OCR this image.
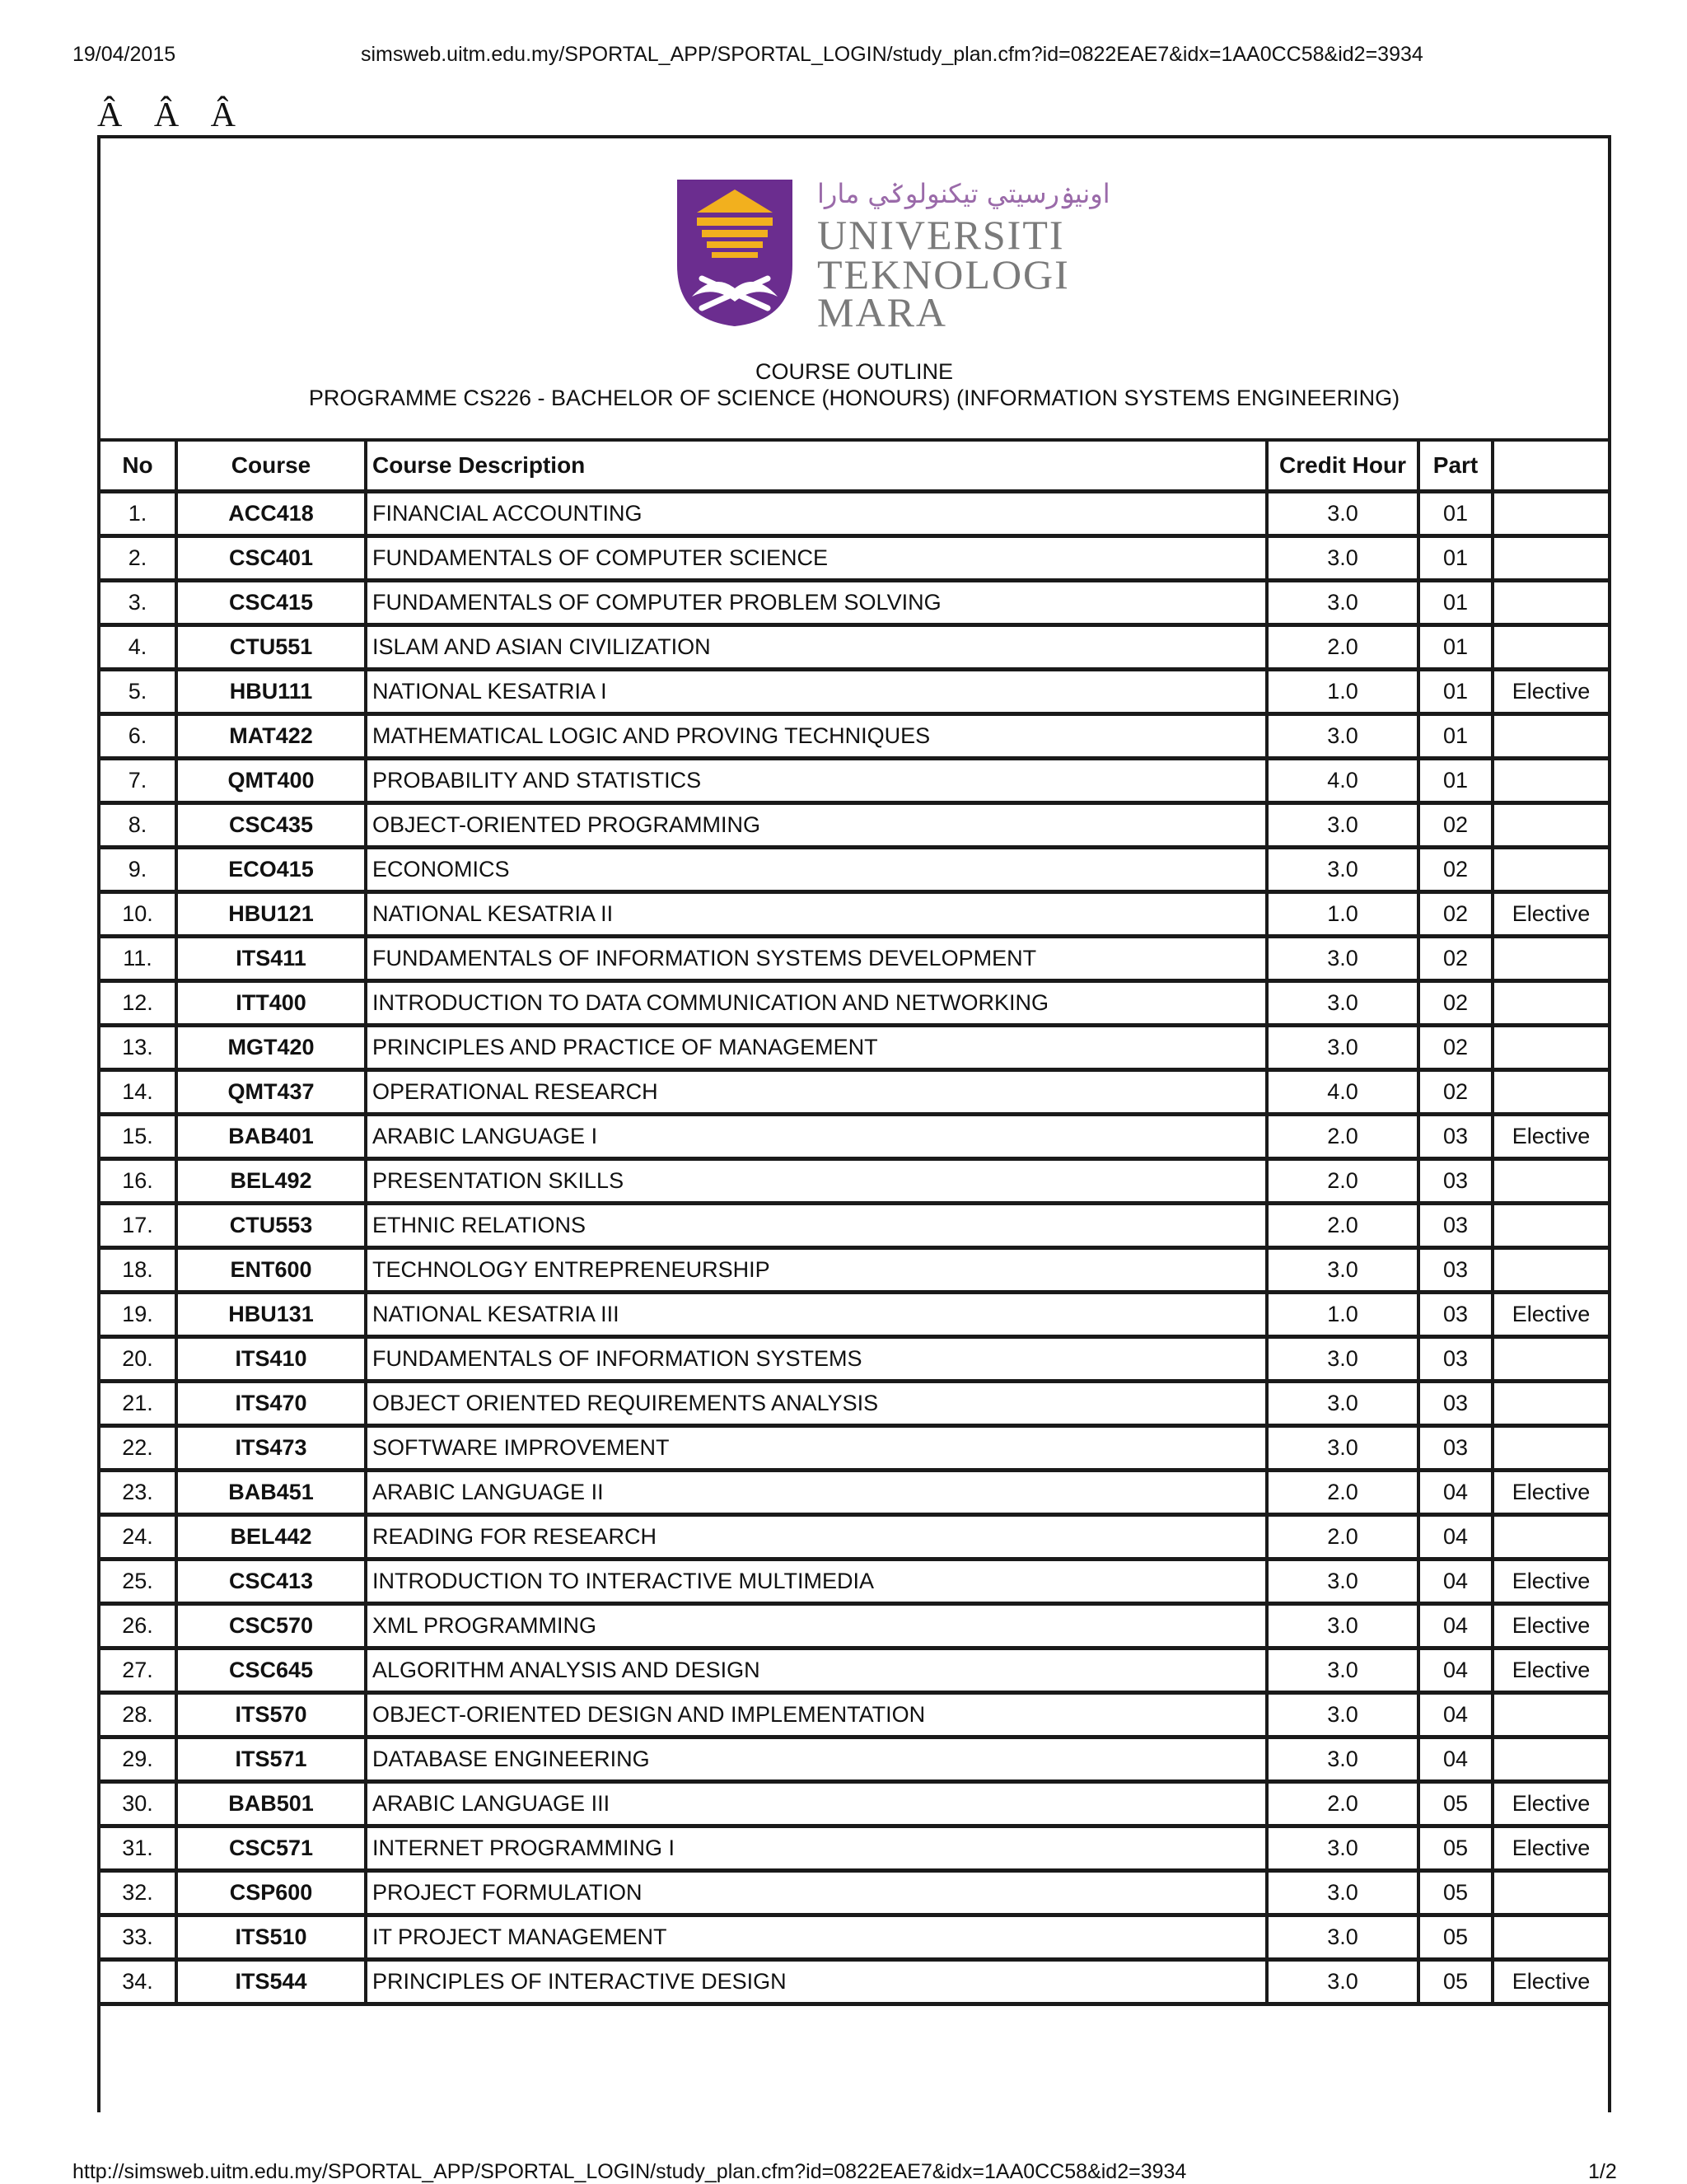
19/04/2015	simsweb.uitm.edu.my/SPORTAL_APP/SPORTAL_LOGIN/study_plan.cfm?id=0822EAE7&idx=1AA0CC58&id2=3934
Â Â Â
اونيۏرسيتي تيكنولوݢي مارا
UNIVERSITI
TEKNOLOGI
MARA
COURSE OUTLINE
PROGRAMME CS226 - BACHELOR OF SCIENCE (HONOURS) (INFORMATION SYSTEMS ENGINEERING)
No	Course	Course Description	Credit Hour	Part	
1.	ACC418	FINANCIAL ACCOUNTING	3.0	01	
2.	CSC401	FUNDAMENTALS OF COMPUTER SCIENCE	3.0	01	
3.	CSC415	FUNDAMENTALS OF COMPUTER PROBLEM SOLVING	3.0	01	
4.	CTU551	ISLAM AND ASIAN CIVILIZATION	2.0	01	
5.	HBU111	NATIONAL KESATRIA I	1.0	01	Elective
6.	MAT422	MATHEMATICAL LOGIC AND PROVING TECHNIQUES	3.0	01	
7.	QMT400	PROBABILITY AND STATISTICS	4.0	01	
8.	CSC435	OBJECT-ORIENTED PROGRAMMING	3.0	02	
9.	ECO415	ECONOMICS	3.0	02	
10.	HBU121	NATIONAL KESATRIA II	1.0	02	Elective
11.	ITS411	FUNDAMENTALS OF INFORMATION SYSTEMS DEVELOPMENT	3.0	02	
12.	ITT400	INTRODUCTION TO DATA COMMUNICATION AND NETWORKING	3.0	02	
13.	MGT420	PRINCIPLES AND PRACTICE OF MANAGEMENT	3.0	02	
14.	QMT437	OPERATIONAL RESEARCH	4.0	02	
15.	BAB401	ARABIC LANGUAGE I	2.0	03	Elective
16.	BEL492	PRESENTATION SKILLS	2.0	03	
17.	CTU553	ETHNIC RELATIONS	2.0	03	
18.	ENT600	TECHNOLOGY ENTREPRENEURSHIP	3.0	03	
19.	HBU131	NATIONAL KESATRIA III	1.0	03	Elective
20.	ITS410	FUNDAMENTALS OF INFORMATION SYSTEMS	3.0	03	
21.	ITS470	OBJECT ORIENTED REQUIREMENTS ANALYSIS	3.0	03	
22.	ITS473	SOFTWARE IMPROVEMENT	3.0	03	
23.	BAB451	ARABIC LANGUAGE II	2.0	04	Elective
24.	BEL442	READING FOR RESEARCH	2.0	04	
25.	CSC413	INTRODUCTION TO INTERACTIVE MULTIMEDIA	3.0	04	Elective
26.	CSC570	XML PROGRAMMING	3.0	04	Elective
27.	CSC645	ALGORITHM ANALYSIS AND DESIGN	3.0	04	Elective
28.	ITS570	OBJECT-ORIENTED DESIGN AND IMPLEMENTATION	3.0	04	
29.	ITS571	DATABASE ENGINEERING	3.0	04	
30.	BAB501	ARABIC LANGUAGE III	2.0	05	Elective
31.	CSC571	INTERNET PROGRAMMING I	3.0	05	Elective
32.	CSP600	PROJECT FORMULATION	3.0	05	
33.	ITS510	IT PROJECT MANAGEMENT	3.0	05	
34.	ITS544	PRINCIPLES OF INTERACTIVE DESIGN	3.0	05	Elective
http://simsweb.uitm.edu.my/SPORTAL_APP/SPORTAL_LOGIN/study_plan.cfm?id=0822EAE7&idx=1AA0CC58&id2=3934	1/2
